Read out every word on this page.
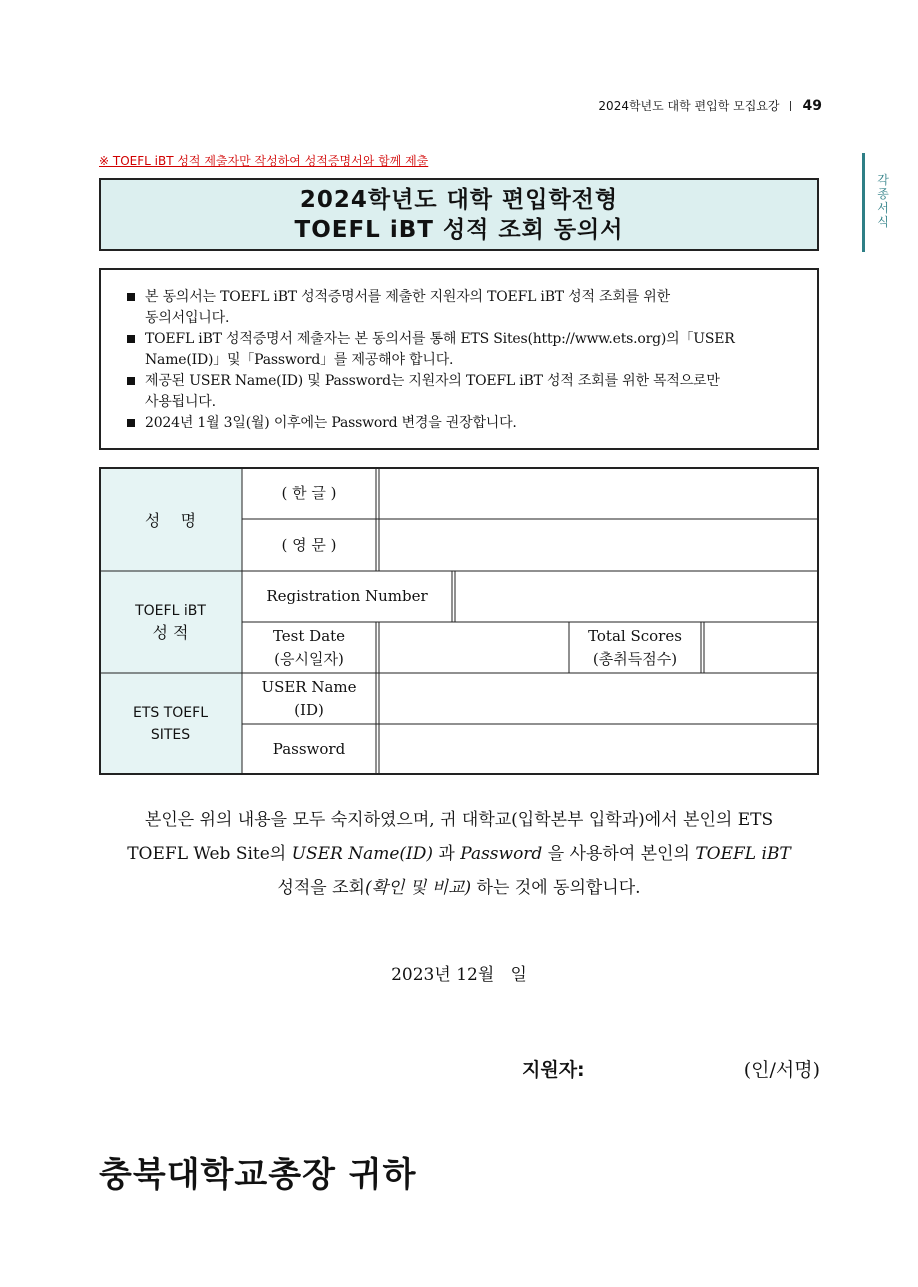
2024학년도 대학 편입학 모집요강 49
각종서식
※ TOEFL iBT 성적 제출자만 작성하여 성적증명서와 함께 제출
2024학년도 대학 편입학전형
TOEFL iBT 성적 조회 동의서
본 동의서는 TOEFL iBT 성적증명서를 제출한 지원자의 TOEFL iBT 성적 조회를 위한
동의서입니다.
TOEFL iBT 성적증명서 제출자는 본 동의서를 통해 ETS Sites(http://www.ets.org)의「USER
Name(ID)」및「Password」를 제공해야 합니다.
제공된 USER Name(ID) 및 Password는 지원자의 TOEFL iBT 성적 조회를 위한 목적으로만
사용됩니다.
2024년 1월 3일(월) 이후에는 Password 변경을 권장합니다.
성    명
TOEFL iBT
성 적
ETS TOEFL
SITES
( 한 글 )
( 영 문 )
Registration Number
Test Date
(응시일자)
Total Scores
(총취득점수)
USER Name
(ID)
Password
본인은 위의 내용을 모두 숙지하였으며, 귀 대학교(입학본부 입학과)에서 본인의 ETS
TOEFL Web Site의 USER Name(ID) 과 Password 을 사용하여 본인의 TOEFL iBT
성적을 조회(확인 및 비교) 하는 것에 동의합니다.
2023년 12월   일
지원자:	(인/서명)
충북대학교총장 귀하
